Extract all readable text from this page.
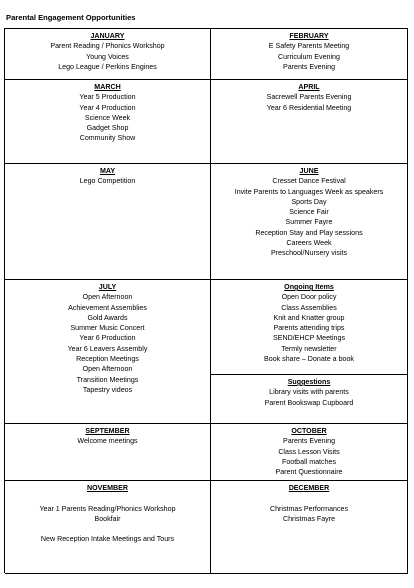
Parental Engagement Opportunities
JANUARY
Parent Reading / Phonics Workshop
Young Voices
Lego League / Perkins Engines
FEBRUARY
E Safety Parents Meeting
Curriculum Evening
Parents Evening
MARCH
Year 5 Production
Year 4 Production
Science Week
Gadget Shop
Community Show
APRIL
Sacrewell Parents Evening
Year 6 Residential Meeting
MAY
Lego Competition
JUNE
Cresset Dance Festival
Invite Parents to Languages Week as speakers
Sports Day
Science Fair
Summer Fayre
Reception Stay and Play sessions
Careers Week
Preschool/Nursery visits
JULY
Open Afternoon
Achievement Assemblies
Gold Awards
Summer Music Concert
Year 6 Production
Year 6 Leavers Assembly
Reception Meetings
Open Afternoon
Transition Meetings
Tapestry videos
Ongoing Items
Open Door policy
Class Assemblies
Knit and Knatter group
Parents attending trips
SEND/EHCP Meetings
Termly newsletter
Book share – Donate a book
Suggestions
Library visits with parents
Parent Bookswap Cupboard
SEPTEMBER
Welcome meetings
OCTOBER
Parents Evening
Class Lesson Visits
Football matches
Parent Questionnaire
NOVEMBER
Year 1 Parents Reading/Phonics Workshop
Bookfair
New Reception Intake Meetings and Tours
DECEMBER
Christmas Performances
Christmas Fayre
